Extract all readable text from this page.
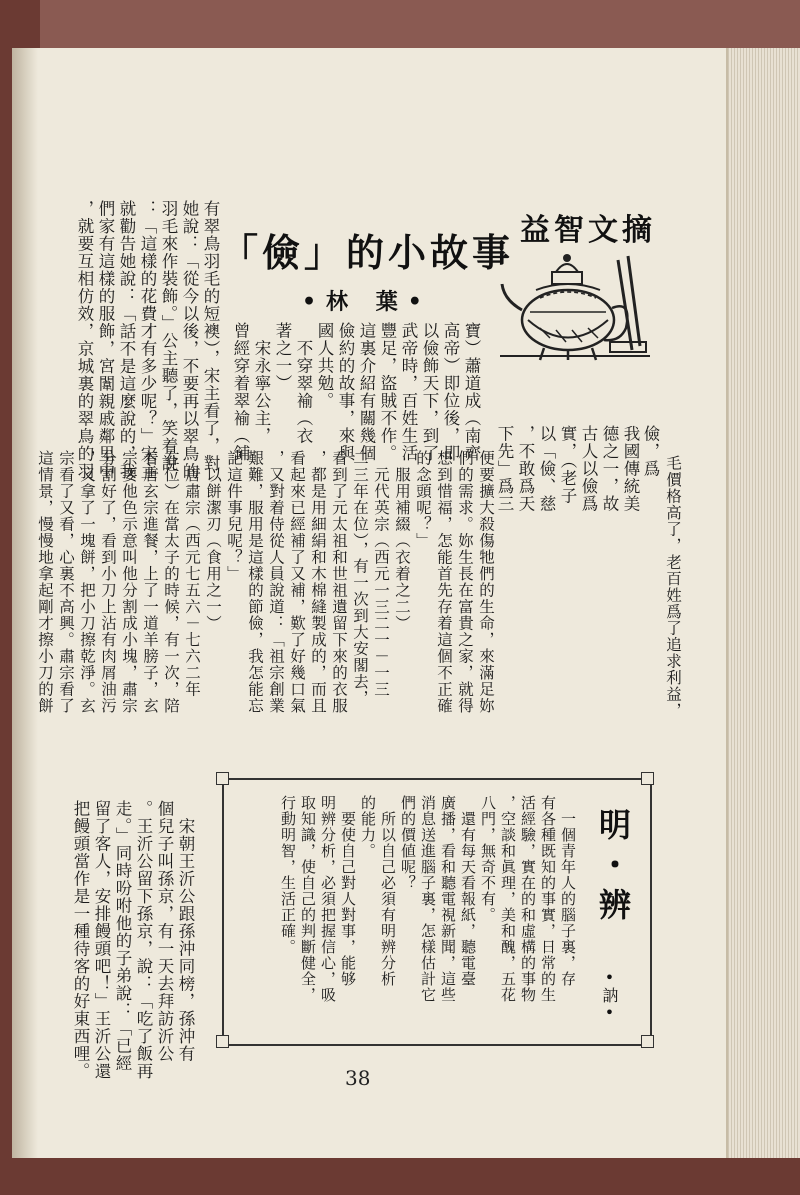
益智文摘
「儉」的小故事
•林 葉•
儉，爲
我國傳統美
德之一，故
古人以儉爲
實，（老子
以「儉、慈
，不敢爲天
下先」爲三
寶）蕭道成（南齊
高帝）即位後，即
以儉飾天下，到了
武帝時，百姓生活
豐足，盜賊不作。
這裏介紹有關幾個
儉約的故事，來與
國人共勉。
　不穿翠褕（衣
著之一）
　宋永寧公主，
曾經穿着翠褕（鋪
有翠鳥羽毛的短襖），宋主看了，對
她說：「從今以後，不要再以翠鳥的
羽毛來作裝飾。」公主聽了，笑着說
：「這樣的花費才有多少呢？」宋主
就勸告她說：「話不是這麼說的，我
們家有這樣的服飾，宮闈親戚鄰里中
，就要互相仿效，京城裏的翠鳥的羽
毛價格高了，老百姓爲了追求利益，
便要擴大殺傷牠們的生命，來滿足妳
們的需求。妳生長在富貴之家，就得
想到惜福，怎能首先存着這個不正確
的念頭呢？」
　服用補綴（衣着之二）
　元代英宗（西元一三二一－一三
二三年在位），有一次到大安閣去，
看到了元太祖和世祖遺留下來的衣服
，都是用細絹和木棉縫製成的，而且
看起來已經補了又補，歎了好幾口氣
，又對着侍從人員說道：「祖宗創業
艱難，服用是這樣的節儉，我怎能忘
記這件事兒呢？」
　以餅潔刃（食用之一）
　唐肅宗（西元七五六－七六二年
在位）在當太子的時候，有一次，陪
着唐玄宗進餐，上了一道羊膀子，玄
宗要他色示意叫他分割成小塊，肅宗
分割好了，看到小刀上沾有肉屑油污
，又拿了一塊餅，把小刀擦乾淨。玄
宗看了又看，心裏不高興。肅宗看了
這情景，慢慢地拿起剛才擦小刀的餅
　宋朝王沂公跟孫沖同榜，孫沖有
個兒子叫孫京，有一天去拜訪沂公
。王沂公留下孫京，說：「吃了飯再
走。」同時吩咐他的子弟說：「已經
留了客人，安排饅頭吧！」王沂公還
把饅頭當作是一種待客的好東西哩。	明・辨
•訥•
　一個青年人的腦子裏，存
有各種既知的事實，日常的生
活經驗，實在的和虛構的事物
，空談和眞理，美和醜，五花
八門，無奇不有。
　還有每天看報紙，聽電臺
廣播，看和聽電視新聞，這些
消息送進腦子裏，怎樣估計它
們的價値呢？
　所以自己必須有明辨分析
的能力。
　要使自己對人對事，能够
明辨分析，必須把握信心，吸
取知識，使自己的判斷健全，
行動明智，生活正確。
38
